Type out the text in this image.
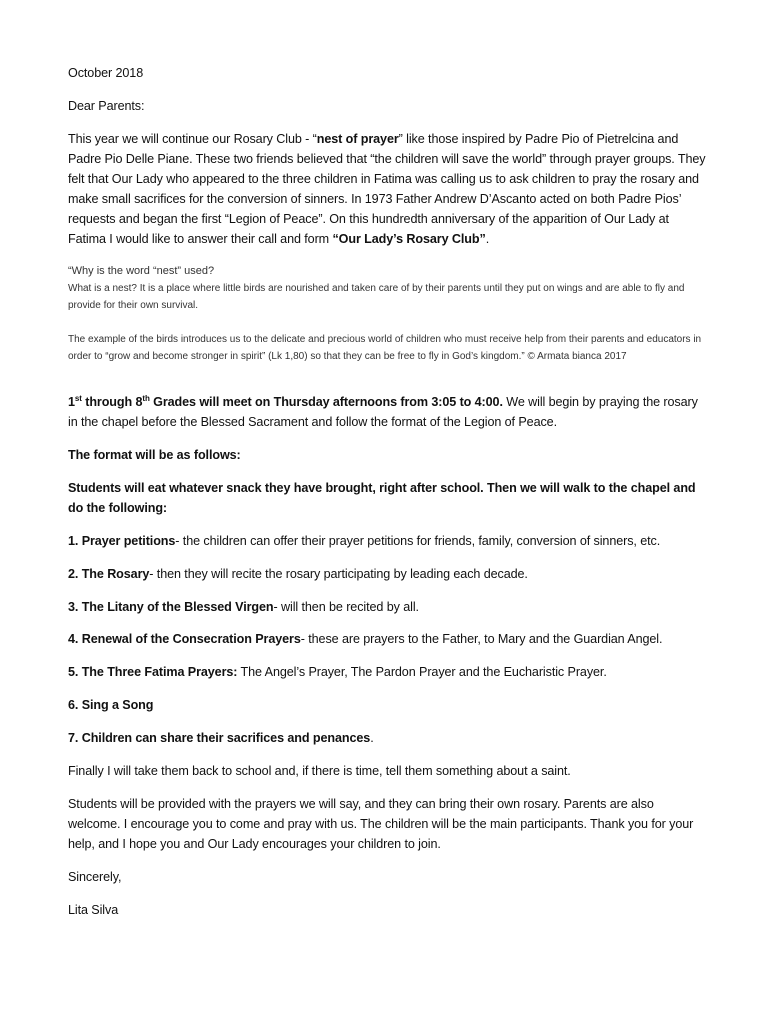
October 2018

Dear Parents:

This year we will continue our Rosary Club - “nest of prayer” like those inspired by Padre Pio of Pietrelcina and Padre Pio Delle Piane. These two friends believed that “the children will save the world” through prayer groups. They felt that Our Lady who appeared to the three children in Fatima was calling us to ask children to pray the rosary and make small sacrifices for the conversion of sinners. In 1973 Father Andrew D’Ascanto acted on both Padre Pios’ requests and began the first “Legion of Peace”. On this hundredth anniversary of the apparition of Our Lady at Fatima I would like to answer their call and form “Our Lady’s Rosary Club”.

“Why is the word “nest” used?
What is a nest? It is a place where little birds are nourished and taken care of by their parents until they put on wings and are able to fly and provide for their own survival.
The example of the birds introduces us to the delicate and precious world of children who must receive help from their parents and educators in order to “grow and become stronger in spirit” (Lk 1,80) so that they can be free to fly in God’s kingdom.” © Armata bianca 2017

1st through 8th Grades will meet on Thursday afternoons from 3:05 to 4:00. We will begin by praying the rosary in the chapel before the Blessed Sacrament and follow the format of the Legion of Peace.

The format will be as follows:

Students will eat whatever snack they have brought, right after school. Then we will walk to the chapel and do the following:

1. Prayer petitions- the children can offer their prayer petitions for friends, family, conversion of sinners, etc.

2. The Rosary- then they will recite the rosary participating by leading each decade.

3. The Litany of the Blessed Virgen- will then be recited by all.

4. Renewal of the Consecration Prayers- these are prayers to the Father, to Mary and the Guardian Angel.

5. The Three Fatima Prayers: The Angel’s Prayer, The Pardon Prayer and the Eucharistic Prayer.

6. Sing a Song

7. Children can share their sacrifices and penances.

Finally I will take them back to school and, if there is time, tell them something about a saint.

Students will be provided with the prayers we will say, and they can bring their own rosary. Parents are also welcome. I encourage you to come and pray with us. The children will be the main participants. Thank you for your help, and I hope you and Our Lady encourages your children to join.

Sincerely,

Lita Silva
